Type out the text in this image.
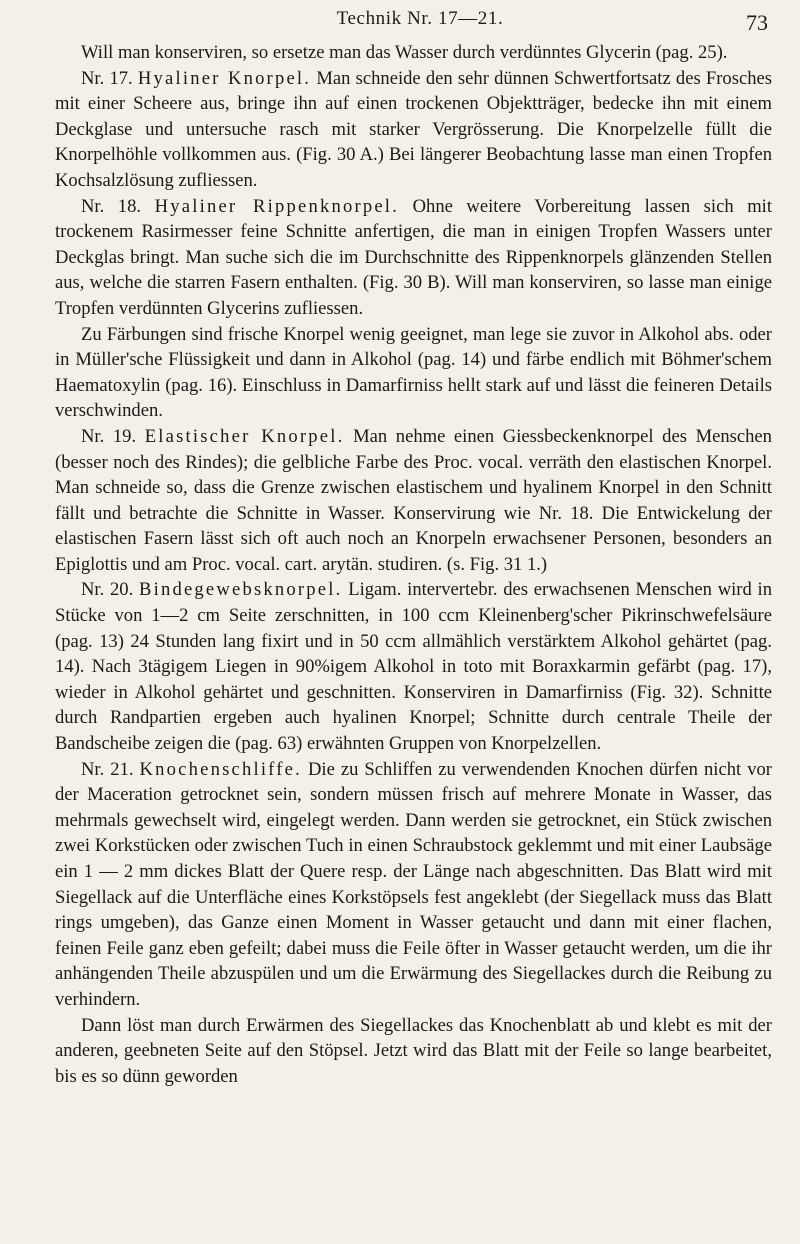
Technik Nr. 17—21.	73

Will man konserviren, so ersetze man das Wasser durch verdünntes Glycerin (pag. 25).

Nr. 17. Hyaliner Knorpel. Man schneide den sehr dünnen Schwertfortsatz des Frosches mit einer Scheere aus, bringe ihn auf einen trockenen Objektträger, bedecke ihn mit einem Deckglase und untersuche rasch mit starker Vergrösserung. Die Knorpelzelle füllt die Knorpelhöhle vollkommen aus. (Fig. 30 A.) Bei längerer Beobachtung lasse man einen Tropfen Kochsalzlösung zufliessen.

Nr. 18. Hyaliner Rippenknorpel. Ohne weitere Vorbereitung lassen sich mit trockenem Rasirmesser feine Schnitte anfertigen, die man in einigen Tropfen Wassers unter Deckglas bringt. Man suche sich die im Durchschnitte des Rippenknorpels glänzenden Stellen aus, welche die starren Fasern enthalten. (Fig. 30 B). Will man konserviren, so lasse man einige Tropfen verdünnten Glycerins zufliessen.

Zu Färbungen sind frische Knorpel wenig geeignet, man lege sie zuvor in Alkohol abs. oder in Müller'sche Flüssigkeit und dann in Alkohol (pag. 14) und färbe endlich mit Böhmer'schem Haematoxylin (pag. 16). Einschluss in Damarfirniss hellt stark auf und lässt die feineren Details verschwinden.

Nr. 19. Elastischer Knorpel. Man nehme einen Giessbeckenknorpel des Menschen (besser noch des Rindes); die gelbliche Farbe des Proc. vocal. verräth den elastischen Knorpel. Man schneide so, dass die Grenze zwischen elastischem und hyalinem Knorpel in den Schnitt fällt und betrachte die Schnitte in Wasser. Konservirung wie Nr. 18. Die Entwickelung der elastischen Fasern lässt sich oft auch noch an Knorpeln erwachsener Personen, besonders an Epiglottis und am Proc. vocal. cart. arytän. studiren. (s. Fig. 31 1.)

Nr. 20. Bindegewebsknorpel. Ligam. intervertebr. des erwachsenen Menschen wird in Stücke von 1—2 cm Seite zerschnitten, in 100 ccm Kleinenberg'scher Pikrinschwefelsäure (pag. 13) 24 Stunden lang fixirt und in 50 ccm allmählich verstärktem Alkohol gehärtet (pag. 14). Nach 3tägigem Liegen in 90%igem Alkohol in toto mit Boraxkarmin gefärbt (pag. 17), wieder in Alkohol gehärtet und geschnitten. Konserviren in Damarfirniss (Fig. 32). Schnitte durch Randpartien ergeben auch hyalinen Knorpel; Schnitte durch centrale Theile der Bandscheibe zeigen die (pag. 63) erwähnten Gruppen von Knorpelzellen.

Nr. 21. Knochenschliffe. Die zu Schliffen zu verwendenden Knochen dürfen nicht vor der Maceration getrocknet sein, sondern müssen frisch auf mehrere Monate in Wasser, das mehrmals gewechselt wird, eingelegt werden. Dann werden sie getrocknet, ein Stück zwischen zwei Korkstücken oder zwischen Tuch in einen Schraubstock geklemmt und mit einer Laubsäge ein 1 — 2 mm dickes Blatt der Quere resp. der Länge nach abgeschnitten. Das Blatt wird mit Siegellack auf die Unterfläche eines Korkstöpsels fest angeklebt (der Siegellack muss das Blatt rings umgeben), das Ganze einen Moment in Wasser getaucht und dann mit einer flachen, feinen Feile ganz eben gefeilt; dabei muss die Feile öfter in Wasser getaucht werden, um die ihr anhängenden Theile abzuspülen und um die Erwärmung des Siegellackes durch die Reibung zu verhindern.

Dann löst man durch Erwärmen des Siegellackes das Knochenblatt ab und klebt es mit der anderen, geebneten Seite auf den Stöpsel. Jetzt wird das Blatt mit der Feile so lange bearbeitet, bis es so dünn geworden
